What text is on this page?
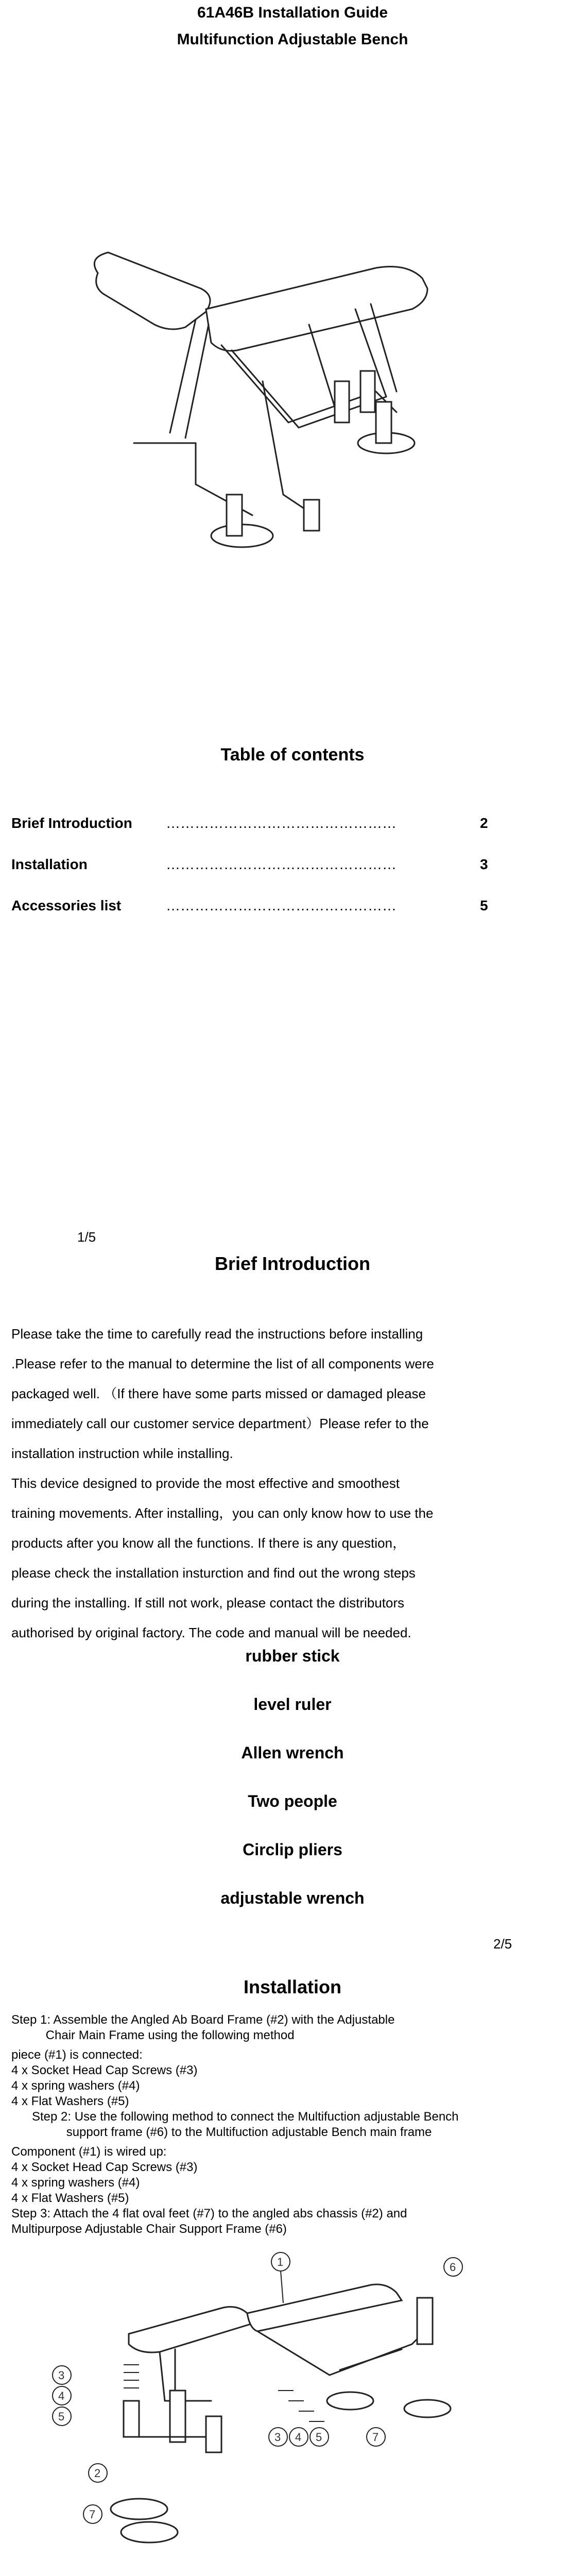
61A46B Installation Guide
Multifunction Adjustable Bench
Table of contents
Brief Introduction …………………………………………	2
Installation	…………………………………………	3
Accessories list	…………………………………………	5
1/5
Brief Introduction
Please take the time to carefully read the instructions before installing
.Please refer to the manual to determine the list of all components were
packaged well. （If there have some parts missed or damaged please
immediately call our customer service department）Please refer to the
installation instruction while installing.
This device designed to provide the most effective and smoothest
training movements. After installing，you can only know how to use the
products after you know all the functions. If there is any question，
please check the installation insturction and find out the wrong steps
during the installing. If still not work, please contact the distributors
authorised by original factory. The code and manual will be needed.
rubber stick
level ruler
Allen wrench
Two people
Circlip pliers
adjustable wrench
2/5
Installation
Step 1: Assemble the Angled Ab Board Frame (#2) with the Adjustable
Chair Main Frame using the following method
piece (#1) is connected:
4 x Socket Head Cap Screws (#3)
4 x spring washers (#4)
4 x Flat Washers (#5)
Step 2: Use the following method to connect the Multifuction adjustable Bench
support frame (#6) to the Multifuction adjustable Bench main frame
Component (#1) is wired up:
4 x Socket Head Cap Screws (#3)
4 x spring washers (#4)
4 x Flat Washers (#5)
Step 3: Attach the 4 flat oval feet (#7) to the angled abs chassis (#2) and
Multipurpose Adjustable Chair Support Frame (#6)
1
3
4
5
2
7
6
3 4 5	7
